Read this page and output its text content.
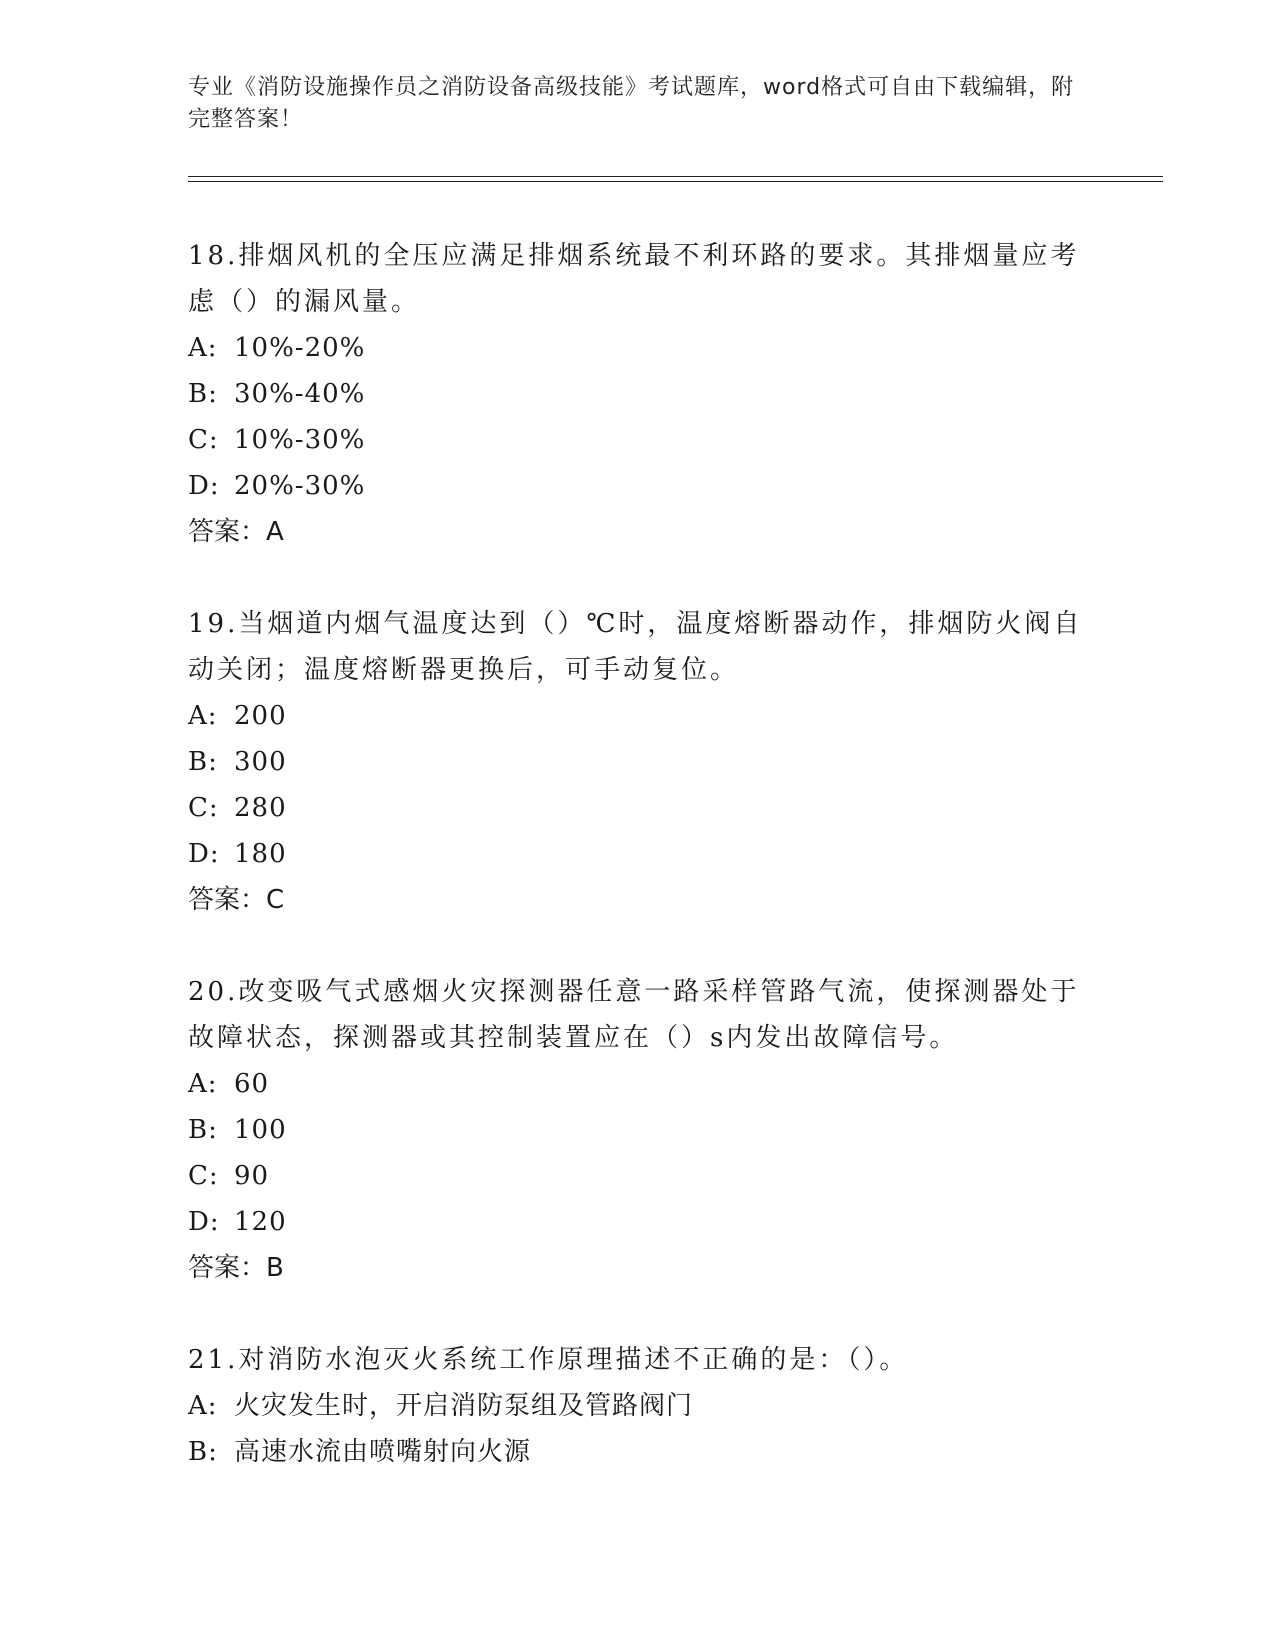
专业《消防设施操作员之消防设备高级技能》考试题库，word格式可自由下载编辑，附完整答案！

18.排烟风机的全压应满足排烟系统最不利环路的要求。其排烟量应考虑（）的漏风量。

A: 10%-20%
B: 30%-40%
C: 10%-30%
D: 20%-30%

答案：A

19.当烟道内烟气温度达到（）℃时，温度熔断器动作，排烟防火阀自动关闭；温度熔断器更换后，可手动复位。

A: 200
B: 300
C: 280
D: 180

答案：C

20.改变吸气式感烟火灾探测器任意一路采样管路气流，使探测器处于故障状态，探测器或其控制装置应在（）s内发出故障信号。

A: 60
B: 100
C: 90
D: 120

答案：B

21.对消防水泡灭火系统工作原理描述不正确的是：（）。

A: 火灾发生时，开启消防泵组及管路阀门
B: 高速水流由喷嘴射向火源
